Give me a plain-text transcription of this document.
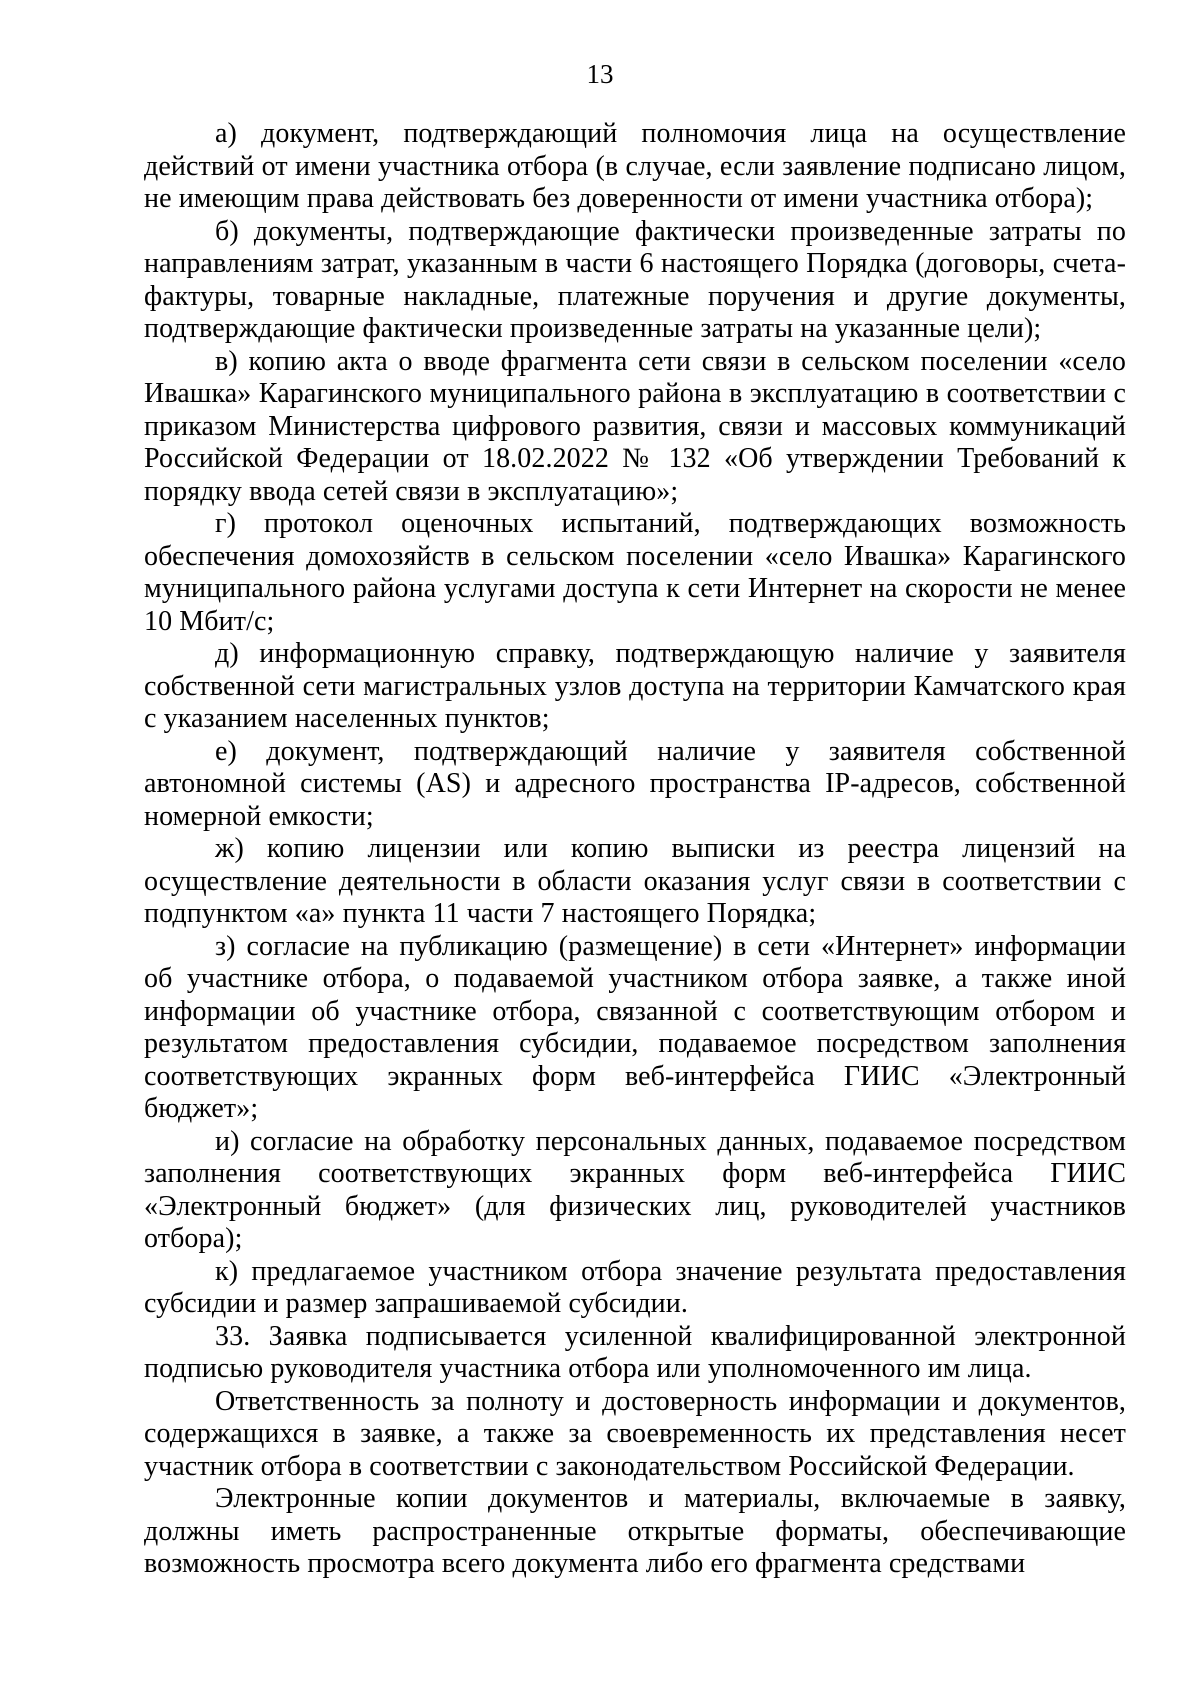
13

а) документ, подтверждающий полномочия лица на осуществление действий от имени участника отбора (в случае, если заявление подписано лицом, не имеющим права действовать без доверенности от имени участника отбора);

б) документы, подтверждающие фактически произведенные затраты по направлениям затрат, указанным в части 6 настоящего Порядка (договоры, счета-фактуры, товарные накладные, платежные поручения и другие документы, подтверждающие фактически произведенные затраты на указанные цели);

в) копию акта о вводе фрагмента сети связи в сельском поселении «село Ивашка» Карагинского муниципального района в эксплуатацию в соответствии с приказом Министерства цифрового развития, связи и массовых коммуникаций Российской Федерации от 18.02.2022 № 132 «Об утверждении Требований к порядку ввода сетей связи в эксплуатацию»;

г) протокол оценочных испытаний, подтверждающих возможность обеспечения домохозяйств в сельском поселении «село Ивашка» Карагинского муниципального района услугами доступа к сети Интернет на скорости не менее 10 Мбит/с;

д) информационную справку, подтверждающую наличие у заявителя собственной сети магистральных узлов доступа на территории Камчатского края с указанием населенных пунктов;

е) документ, подтверждающий наличие у заявителя собственной автономной системы (AS) и адресного пространства IP-адресов, собственной номерной емкости;

ж) копию лицензии или копию выписки из реестра лицензий на осуществление деятельности в области оказания услуг связи в соответствии с подпунктом «а» пункта 11 части 7 настоящего Порядка;

з) согласие на публикацию (размещение) в сети «Интернет» информации об участнике отбора, о подаваемой участником отбора заявке, а также иной информации об участнике отбора, связанной с соответствующим отбором и результатом предоставления субсидии, подаваемое посредством заполнения соответствующих экранных форм веб-интерфейса ГИИС «Электронный бюджет»;

и) согласие на обработку персональных данных, подаваемое посредством заполнения соответствующих экранных форм веб-интерфейса ГИИС «Электронный бюджет» (для физических лиц, руководителей участников отбора);

к) предлагаемое участником отбора значение результата предоставления субсидии и размер запрашиваемой субсидии.

33. Заявка подписывается усиленной квалифицированной электронной подписью руководителя участника отбора или уполномоченного им лица.

Ответственность за полноту и достоверность информации и документов, содержащихся в заявке, а также за своевременность их представления несет участник отбора в соответствии с законодательством Российской Федерации.

Электронные копии документов и материалы, включаемые в заявку, должны иметь распространенные открытые форматы, обеспечивающие возможность просмотра всего документа либо его фрагмента средствами
